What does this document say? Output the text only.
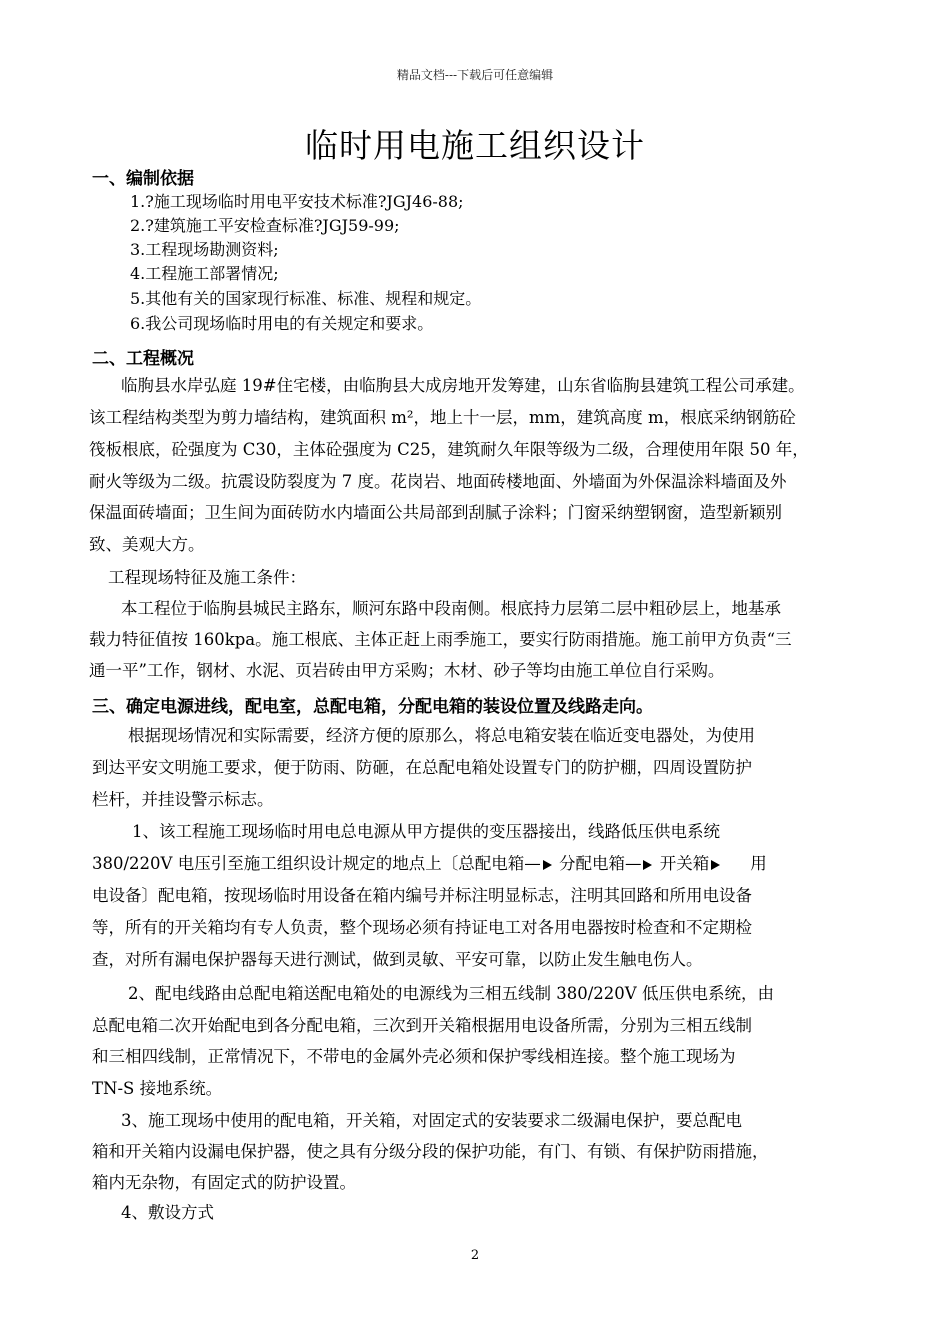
精品文档---下载后可任意编辑
临时用电施工组织设计
一、编制依据
1.?施工现场临时用电平安技术标准?JGJ46-88;
2.?建筑施工平安检查标准?JGJ59-99;
3.工程现场勘测资料;
4.工程施工部署情况;
5.其他有关的国家现行标准、标准、规程和规定。
6.我公司现场临时用电的有关规定和要求。
二、工程概况
临朐县水岸弘庭 19#住宅楼，由临朐县大成房地开发筹建，山东省临朐县建筑工程公司承建。
该工程结构类型为剪力墙结构，建筑面积 m²，地上十一层，mm，建筑高度 m，根底采纳钢筋砼
筏板根底，砼强度为 C30，主体砼强度为 C25，建筑耐久年限等级为二级，合理使用年限 50 年，
耐火等级为二级。抗震设防裂度为 7 度。花岗岩、地面砖楼地面、外墙面为外保温涂料墙面及外
保温面砖墙面；卫生间为面砖防水内墙面公共局部到刮腻子涂料；门窗采纳塑钢窗，造型新颖别
致、美观大方。
工程现场特征及施工条件：
本工程位于临朐县城民主路东，顺河东路中段南侧。根底持力层第二层中粗砂层上，地基承
载力特征值按 160kpa。施工根底、主体正赶上雨季施工，要实行防雨措施。施工前甲方负责“三
通一平”工作，钢材、水泥、页岩砖由甲方采购；木材、砂子等均由施工单位自行采购。
三、确定电源进线，配电室，总配电箱，分配电箱的装设位置及线路走向。
根据现场情况和实际需要，经济方便的原那么，将总电箱安装在临近变电器处，为使用
到达平安文明施工要求，便于防雨、防砸，在总配电箱处设置专门的防护棚，四周设置防护
栏杆，并挂设警示标志。
1、该工程施工现场临时用电总电源从甲方提供的变压器接出，线路低压供电系统
380/220V 电压引至施工组织设计规定的地点上〔总配电箱— 分配电箱— 开关箱 用
电设备〕配电箱，按现场临时用设备在箱内编号并标注明显标志，注明其回路和所用电设备
等，所有的开关箱均有专人负责，整个现场必须有持证电工对各用电器按时检查和不定期检
查，对所有漏电保护器每天进行测试，做到灵敏、平安可靠，以防止发生触电伤人。
2、配电线路由总配电箱送配电箱处的电源线为三相五线制 380/220V 低压供电系统，由
总配电箱二次开始配电到各分配电箱，三次到开关箱根据用电设备所需，分别为三相五线制
和三相四线制，正常情况下，不带电的金属外壳必须和保护零线相连接。整个施工现场为
TN-S 接地系统。
3、施工现场中使用的配电箱，开关箱，对固定式的安装要求二级漏电保护，要总配电
箱和开关箱内设漏电保护器，使之具有分级分段的保护功能，有门、有锁、有保护防雨措施，
箱内无杂物，有固定式的防护设置。
4、敷设方式
2
